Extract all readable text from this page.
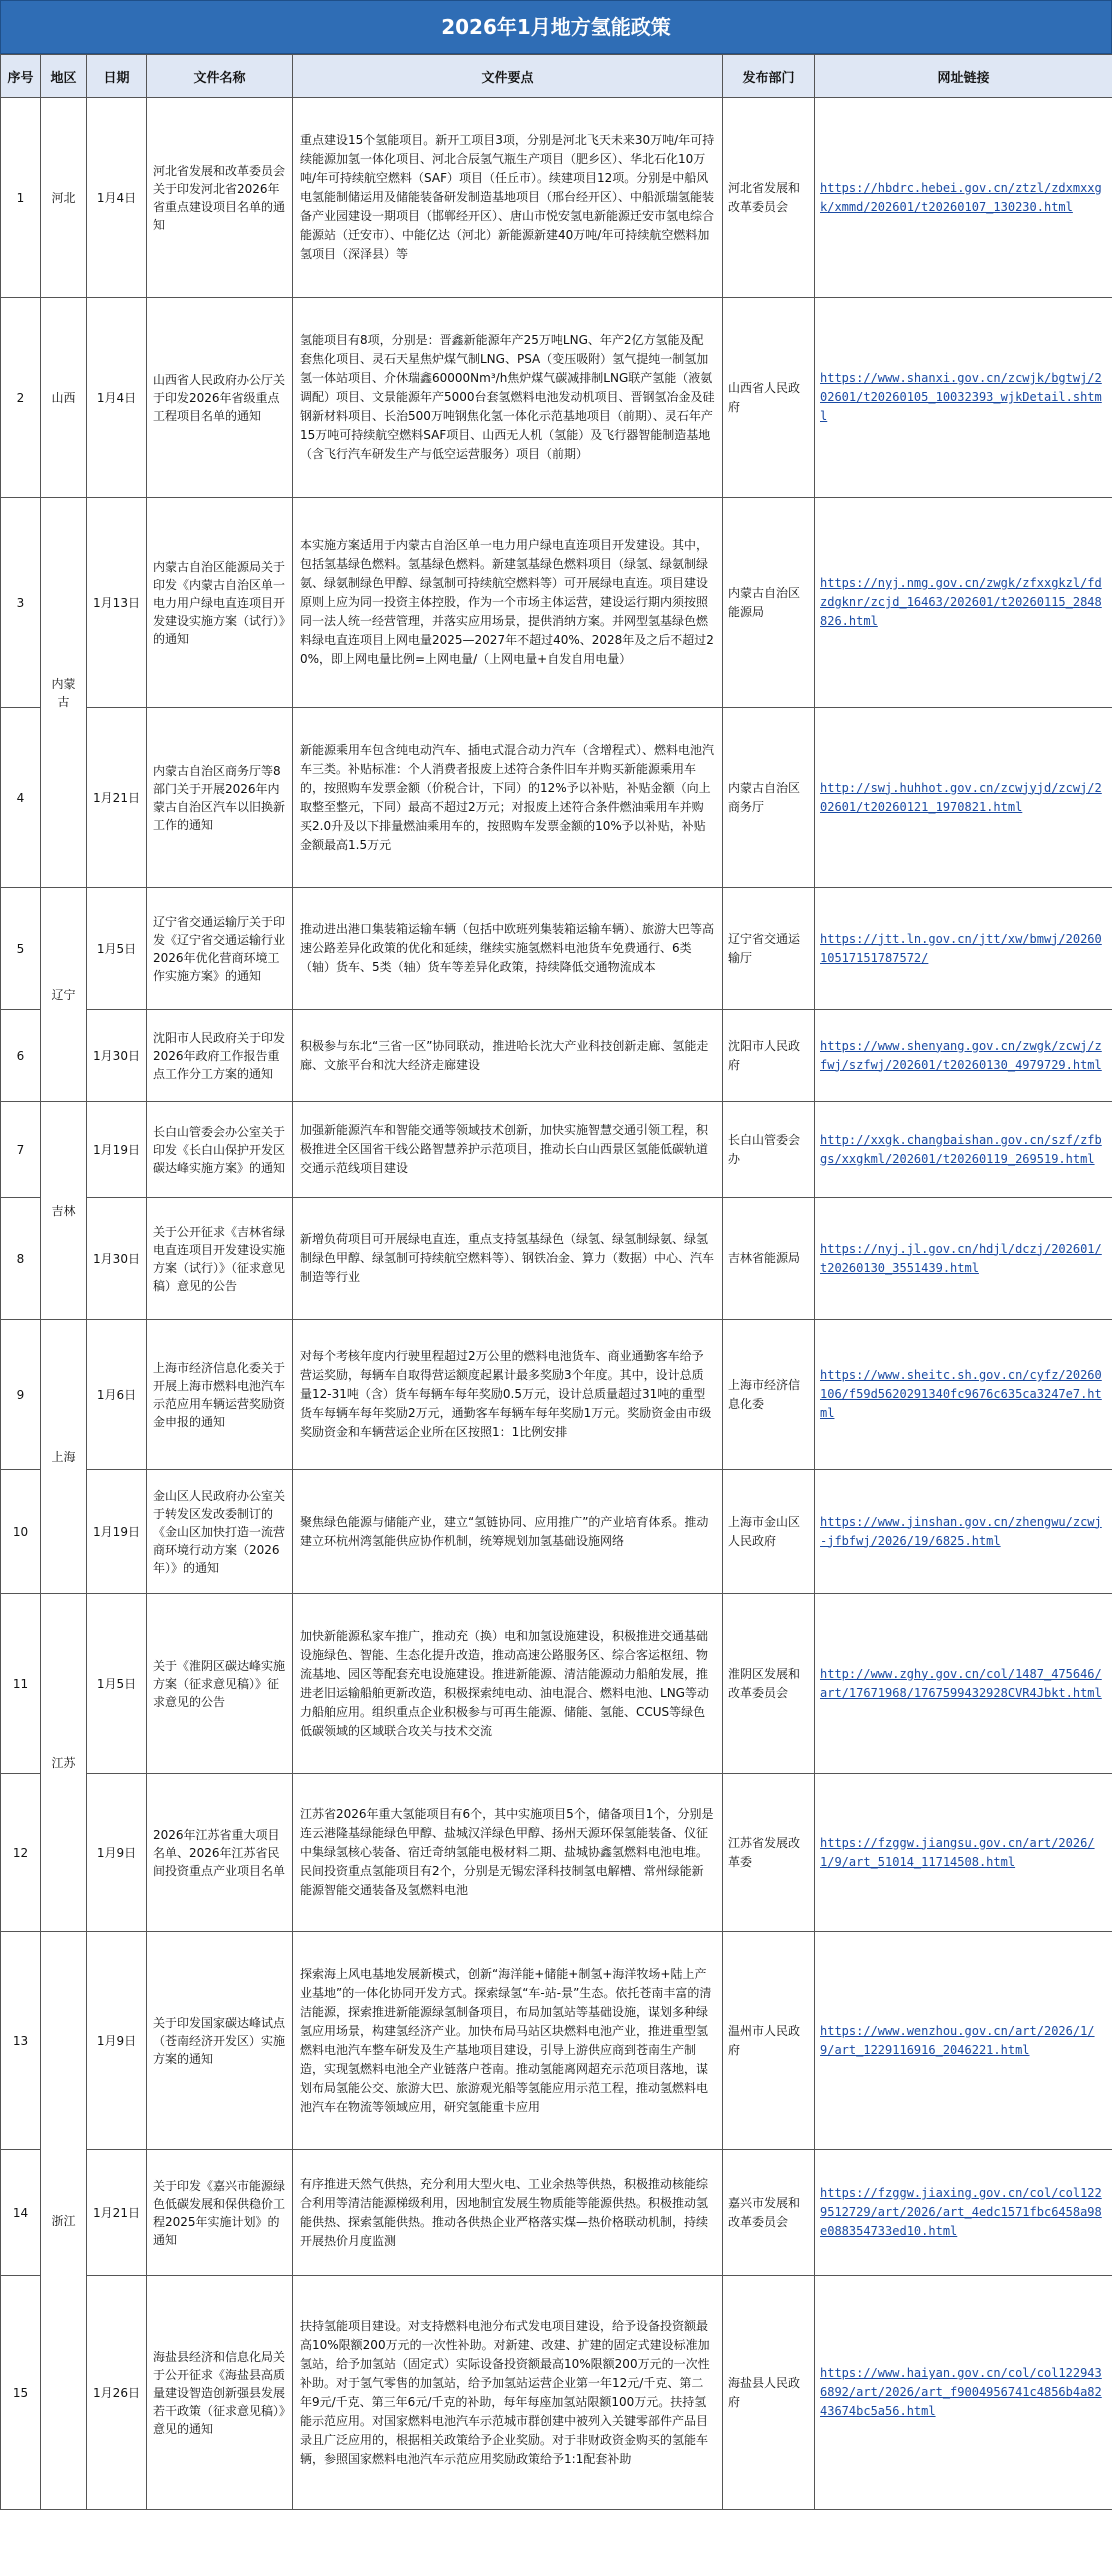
2026年1月地方氢能政策
序号	地区	日期	文件名称	文件要点	发布部门	网址链接
1	河北	1月4日	河北省发展和改革委员会关于印发河北省2026年省重点建设项目名单的通知	重点建设15个氢能项目。新开工项目3项，分别是河北飞天未来30万吨/年可持续能源加氢一体化项目、河北合辰氢气瓶生产项目（肥乡区）、华北石化10万吨/年可持续航空燃料（SAF）项目（任丘市）。续建项目12项。分别是中船风电氢能制储运用及储能装备研发制造基地项目（邢台经开区）、中船派瑞氢能装备产业园建设一期项目（邯郸经开区）、唐山市悦安氢电新能源迁安市氢电综合能源站（迁安市）、中能亿达（河北）新能源新建40万吨/年可持续航空燃料加氢项目（深泽县）等	河北省发展和改革委员会	https://hbdrc.hebei.gov.cn/ztzl/zdxmxxgk/xmmd/202601/t20260107_130230.html
2	山西	1月4日	山西省人民政府办公厅关于印发2026年省级重点工程项目名单的通知	氢能项目有8项，分别是：晋鑫新能源年产25万吨LNG、年产2亿方氢能及配套焦化项目、灵石天星焦炉煤气制LNG、PSA（变压吸附）氢气提纯一制氢加氢一体站项目、介休瑞鑫60000Nm³/h焦炉煤气碳减排制LNG联产氢能（液氨调配）项目、文景能源年产5000台套氢燃料电池发动机项目、晋钢氢冶金及硅钢新材料项目、长治500万吨钢焦化氢一体化示范基地项目（前期）、灵石年产15万吨可持续航空燃料SAF项目、山西无人机（氢能）及飞行器智能制造基地（含飞行汽车研发生产与低空运营服务）项目（前期）	山西省人民政府	https://www.shanxi.gov.cn/zcwjk/bgtwj/202601/t20260105_10032393_wjkDetail.shtml
3	内蒙古	1月13日	内蒙古自治区能源局关于印发《内蒙古自治区单一电力用户绿电直连项目开发建设实施方案（试行）》的通知	本实施方案适用于内蒙古自治区单一电力用户绿电直连项目开发建设。其中，包括氢基绿色燃料。氢基绿色燃料。新建氢基绿色燃料项目（绿氢、绿氨制绿氨、绿氨制绿色甲醇、绿氢制可持续航空燃料等）可开展绿电直连。项目建设原则上应为同一投资主体控股，作为一个市场主体运营，建设运行期内须按照同一法人统一经营管理，并落实应用场景，提供消纳方案。并网型氢基绿色燃料绿电直连项目上网电量2025—2027年不超过40%、2028年及之后不超过20%，即上网电量比例=上网电量/（上网电量+自发自用电量）	内蒙古自治区能源局	https://nyj.nmg.gov.cn/zwgk/zfxxgkzl/fdzdgknr/zcjd_16463/202601/t20260115_2848826.html
4		1月21日	内蒙古自治区商务厅等8部门关于开展2026年内蒙古自治区汽车以旧换新工作的通知	新能源乘用车包含纯电动汽车、插电式混合动力汽车（含增程式）、燃料电池汽车三类。补贴标准：个人消费者报废上述符合条件旧车并购买新能源乘用车的，按照购车发票金额（价税合计，下同）的12%予以补贴，补贴金额（向上取整至整元，下同）最高不超过2万元；对报废上述符合条件燃油乘用车并购买2.0升及以下排量燃油乘用车的，按照购车发票金额的10%予以补贴，补贴金额最高1.5万元	内蒙古自治区商务厅	http://swj.huhhot.gov.cn/zcwjyjd/zcwj/202601/t20260121_1970821.html
5	辽宁	1月5日	辽宁省交通运输厅关于印发《辽宁省交通运输行业2026年优化营商环境工作实施方案》的通知	推动进出港口集装箱运输车辆（包括中欧班列集装箱运输车辆）、旅游大巴等高速公路差异化政策的优化和延续，继续实施氢燃料电池货车免费通行、6类（轴）货车、5类（轴）货车等差异化政策，持续降低交通物流成本	辽宁省交通运输厅	https://jtt.ln.gov.cn/jtt/xw/bmwj/2026010517151787572/
6		1月30日	沈阳市人民政府关于印发2026年政府工作报告重点工作分工方案的通知	积极参与东北“三省一区”协同联动，推进哈长沈大产业科技创新走廊、氢能走廊、文旅平台和沈大经济走廊建设	沈阳市人民政府	https://www.shenyang.gov.cn/zwgk/zcwj/zfwj/szfwj/202601/t20260130_4979729.html
7	吉林	1月19日	长白山管委会办公室关于印发《长白山保护开发区碳达峰实施方案》的通知	加强新能源汽车和智能交通等领域技术创新，加快实施智慧交通引领工程，积极推进全区国省干线公路智慧养护示范项目，推动长白山西景区氢能低碳轨道交通示范线项目建设	长白山管委会办	http://xxgk.changbaishan.gov.cn/szf/zfbgs/xxgkml/202601/t20260119_269519.html
8		1月30日	关于公开征求《吉林省绿电直连项目开发建设实施方案（试行）》（征求意见稿）意见的公告	新增负荷项目可开展绿电直连，重点支持氢基绿色（绿氢、绿氢制绿氨、绿氢制绿色甲醇、绿氢制可持续航空燃料等）、钢铁冶金、算力（数据）中心、汽车制造等行业	吉林省能源局	https://nyj.jl.gov.cn/hdjl/dczj/202601/t20260130_3551439.html
9	上海	1月6日	上海市经济信息化委关于开展上海市燃料电池汽车示范应用车辆运营奖励资金申报的通知	对每个考核年度内行驶里程超过2万公里的燃料电池货车、商业通勤客车给予营运奖励，每辆车自取得营运额度起累计最多奖励3个年度。其中，设计总质量12-31吨（含）货车每辆车每年奖励0.5万元，设计总质量超过31吨的重型货车每辆车每年奖励2万元，通勤客车每辆车每年奖励1万元。奖励资金由市级奖励资金和车辆营运企业所在区按照1：1比例安排	上海市经济信息化委	https://www.sheitc.sh.gov.cn/cyfz/20260106/f59d5620291340fc9676c635ca3247e7.html
10		1月19日	金山区人民政府办公室关于转发区发改委制订的《金山区加快打造一流营商环境行动方案（2026年）》的通知	聚焦绿色能源与储能产业，建立“氢链协同、应用推广”的产业培育体系。推动建立环杭州湾氢能供应协作机制，统筹规划加氢基础设施网络	上海市金山区人民政府	https://www.jinshan.gov.cn/zhengwu/zcwj-jfbfwj/2026/19/6825.html
11	江苏	1月5日	关于《淮阴区碳达峰实施方案（征求意见稿）》征求意见的公告	加快新能源私家车推广，推动充（换）电和加氢设施建设，积极推进交通基础设施绿色、智能、生态化提升改造，推动高速公路服务区、综合客运枢纽、物流基地、园区等配套充电设施建设。推进新能源、清洁能源动力船舶发展，推进老旧运输船舶更新改造，积极探索纯电动、油电混合、燃料电池、LNG等动力船舶应用。组织重点企业积极参与可再生能源、储能、氢能、CCUS等绿色低碳领域的区域联合攻关与技术交流	淮阴区发展和改革委员会	http://www.zghy.gov.cn/col/1487_475646/art/17671968/1767599432928CVR4Jbkt.html
12		1月9日	2026年江苏省重大项目名单、2026年江苏省民间投资重点产业项目名单	江苏省2026年重大氢能项目有6个，其中实施项目5个，储备项目1个，分别是连云港隆基绿能绿色甲醇、盐城汉洋绿色甲醇、扬州天源环保氢能装备、仪征中集绿氢核心装备、宿迁奇纳氢能电极材料二期、盐城协鑫氢燃料电池电堆。民间投资重点氢能项目有2个，分别是无锡宏泽科技制氢电解槽、常州绿能新能源智能交通装备及氢燃料电池	江苏省发展改革委	https://fzggw.jiangsu.gov.cn/art/2026/1/9/art_51014_11714508.html
13	浙江	1月9日	关于印发国家碳达峰试点（苍南经济开发区）实施方案的通知	探索海上风电基地发展新模式，创新“海洋能+储能+制氢+海洋牧场+陆上产业基地”的一体化协同开发方式。探索绿氢“车-站-景”生态。依托苍南丰富的清洁能源，探索推进新能源绿氢制备项目，布局加氢站等基础设施，谋划多种绿氢应用场景，构建氢经济产业。加快布局马站区块燃料电池产业，推进重型氢燃料电池汽车整车研发及生产基地项目建设，引导上游供应商到苍南生产制造，实现氢燃料电池全产业链落户苍南。推动氢能离网超充示范项目落地，谋划布局氢能公交、旅游大巴、旅游观光船等氢能应用示范工程，推动氢燃料电池汽车在物流等领域应用，研究氢能重卡应用	温州市人民政府	https://www.wenzhou.gov.cn/art/2026/1/9/art_1229116916_2046221.html
14		1月21日	关于印发《嘉兴市能源绿色低碳发展和保供稳价工程2025年实施计划》的通知	有序推进天然气供热，充分利用大型火电、工业余热等供热，积极推动核能综合利用等清洁能源梯级利用，因地制宜发展生物质能等能源供热。积极推动氢能供热、探索氢能供热。推动各供热企业严格落实煤—热价格联动机制，持续开展热价月度监测	嘉兴市发展和改革委员会	https://fzggw.jiaxing.gov.cn/col/col1229512729/art/2026/art_4edc1571fbc6458a98e088354733ed10.html
15		1月26日	海盐县经济和信息化局关于公开征求《海盐县高质量建设智造创新强县发展若干政策（征求意见稿）》意见的通知	扶持氢能项目建设。对支持燃料电池分布式发电项目建设，给予设备投资额最高10%限额200万元的一次性补助。对新建、改建、扩建的固定式建设标准加氢站，给予加氢站（固定式）实际设备投资额最高10%限额200万元的一次性补助。对于氢气零售的加氢站，给予加氢站运营企业第一年12元/千克、第二年9元/千克、第三年6元/千克的补助，每年每座加氢站限额100万元。扶持氢能示范应用。对国家燃料电池汽车示范城市群创建中被列入关键零部件产品目录且广泛应用的，根据相关政策给予企业奖励。对于非财政资金购买的氢能车辆，参照国家燃料电池汽车示范应用奖励政策给予1:1配套补助	海盐县人民政府	https://www.haiyan.gov.cn/col/col1229436892/art/2026/art_f9004956741c4856b4a8243674bc5a56.html
